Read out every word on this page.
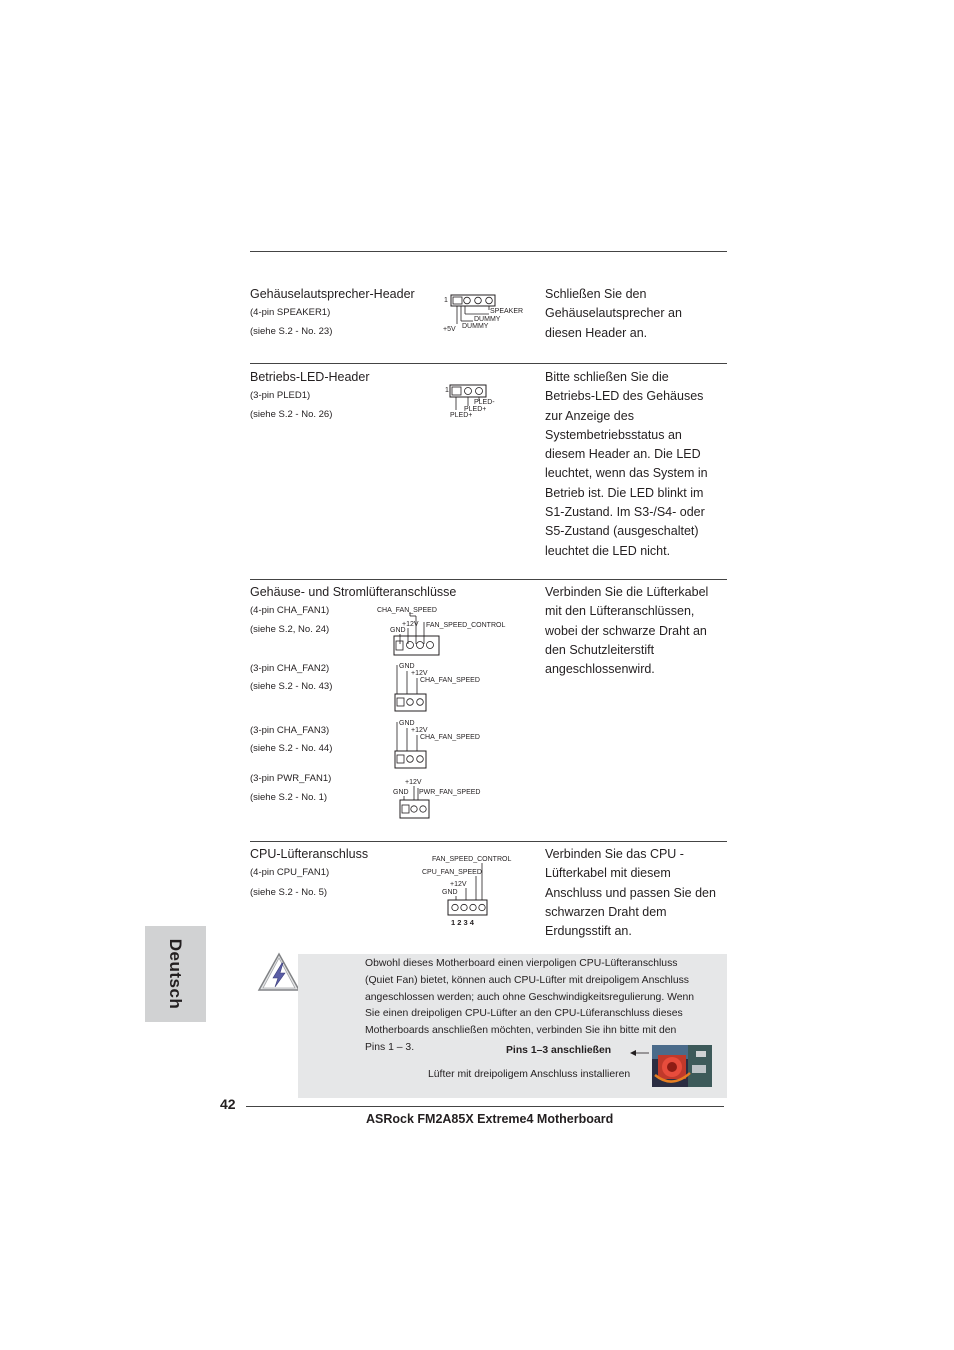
Gehäuselautsprecher-Header
(4-pin SPEAKER1)
(siehe S.2 - No. 23)
1
SPEAKER
DUMMY
DUMMY
+5V
Schließen Sie den
Gehäuselautsprecher an
diesen Header an.
Betriebs-LED-Header
(3-pin PLED1)
(siehe S.2 - No. 26)
1
PLED-
PLED+
PLED+
Bitte schließen Sie die
Betriebs-LED des Gehäuses
zur Anzeige des
Systembetriebsstatus an
diesem Header an. Die LED
leuchtet, wenn das System in
Betrieb ist. Die LED blinkt im
S1-Zustand. Im S3-/S4- oder
S5-Zustand (ausgeschaltet)
leuchtet die LED nicht.
Gehäuse- und Stromlüfteranschlüsse
(4-pin CHA_FAN1)
(siehe S.2, No. 24)
CHA_FAN_SPEED
+12V
GND
FAN_SPEED_CONTROL
(3-pin CHA_FAN2)
(siehe S.2 - No. 43)
GND
+12V
CHA_FAN_SPEED
(3-pin CHA_FAN3)
(siehe S.2 - No. 44)
GND
+12V
CHA_FAN_SPEED
(3-pin PWR_FAN1)
(siehe S.2 - No. 1)
+12V
GND PWR_FAN_SPEED
Verbinden Sie die Lüfterkabel
mit den Lüfteranschlüssen,
wobei der schwarze Draht an
den Schutzleiterstift
angeschlossenwird.
CPU-Lüfteranschluss
(4-pin CPU_FAN1)
(siehe S.2 - No. 5)
FAN_SPEED_CONTROL
CPU_FAN_SPEED
+12V
GND
1 2 3 4
Verbinden Sie das CPU -
Lüfterkabel mit diesem
Anschluss und passen Sie den
schwarzen Draht dem
Erdungsstift an.
Deutsch	Obwohl dieses Motherboard einen vierpoligen CPU-Lüfteranschluss
(Quiet Fan) bietet, können auch CPU-Lüfter mit dreipoligem Anschluss
angeschlossen werden; auch ohne Geschwindigkeitsregulierung. Wenn
Sie einen dreipoligen CPU-Lüfter an den CPU-Lüferanschluss dieses
Motherboards anschließen möchten, verbinden Sie ihn bitte mit den
Pins 1 – 3.	Pins 1–3 anschließen
Lüfter mit dreipoligem Anschluss installieren
42
ASRock FM2A85X Extreme4 Motherboard
